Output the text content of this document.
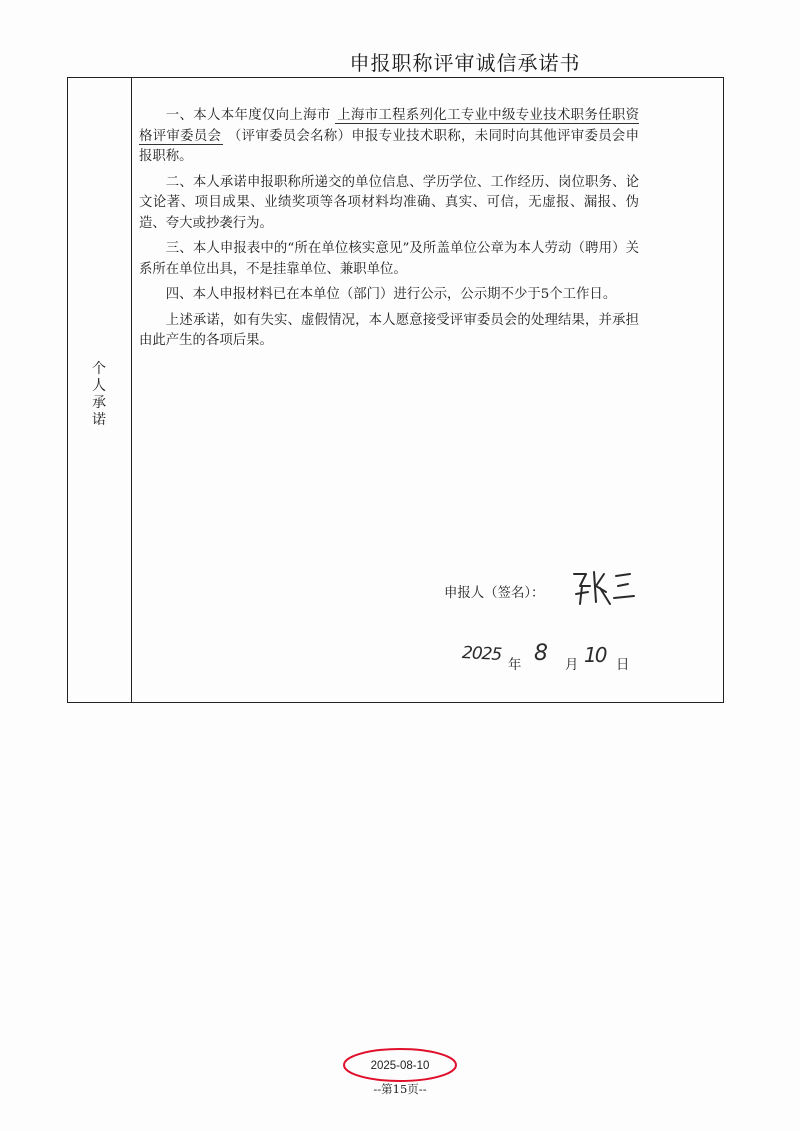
个人承诺
申报职称评审诚信承诺书

一、本人本年度仅向上海市 上海市工程系列化工专业中级专业技术职务任职资格评审委员会 （评审委员会名称）申报专业技术职称，未同时向其他评审委员会申报职称。

二、本人承诺申报职称所递交的单位信息、学历学位、工作经历、岗位职务、论文论著、项目成果、业绩奖项等各项材料均准确、真实、可信，无虚报、漏报、伪造、夸大或抄袭行为。

三、本人申报表中的“所在单位核实意见”及所盖单位公章为本人劳动（聘用）关系所在单位出具，不是挂靠单位、兼职单位。

四、本人申报材料已在本单位（部门）进行公示，公示期不少于5个工作日。

上述承诺，如有失实、虚假情况，本人愿意接受评审委员会的处理结果，并承担由此产生的各项后果。

申报人（签名）：
2025
年 8 月 10 日
2025-08-10
--第15页--
